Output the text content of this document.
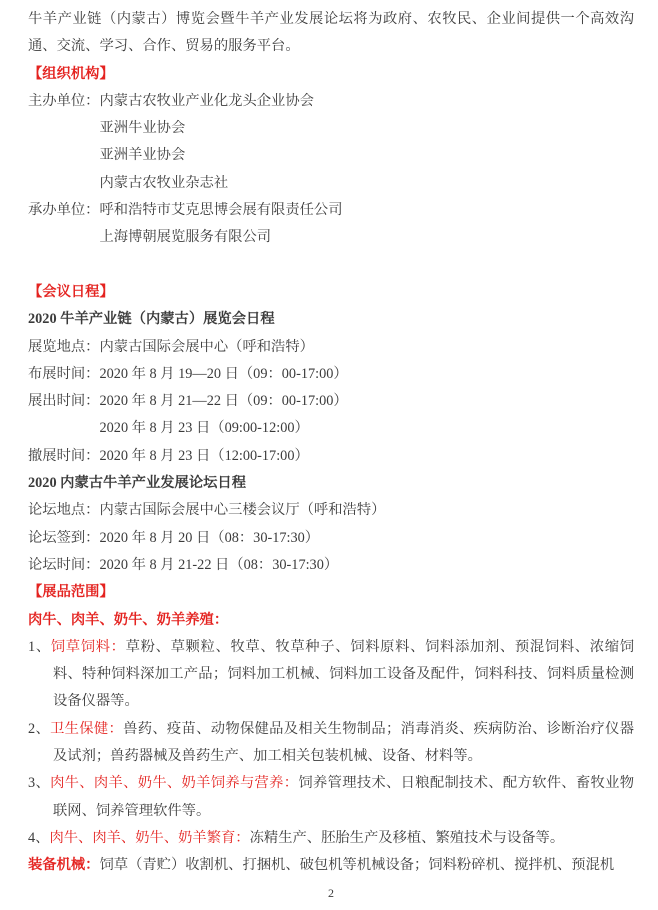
牛羊产业链（内蒙古）博览会暨牛羊产业发展论坛将为政府、农牧民、企业间提供一个高效沟通、交流、学习、合作、贸易的服务平台。

【组织机构】

主办单位：内蒙古农牧业产业化龙头企业协会

亚洲牛业协会

亚洲羊业协会

内蒙古农牧业杂志社

承办单位：呼和浩特市艾克思博会展有限责任公司

上海博朝展览服务有限公司

【会议日程】

2020 牛羊产业链（内蒙古）展览会日程

展览地点：内蒙古国际会展中心（呼和浩特）

布展时间：2020 年 8 月 19—20 日（09：00-17:00）

展出时间：2020 年 8 月 21—22 日（09：00-17:00）

2020 年 8 月 23 日（09:00-12:00）

撤展时间：2020 年 8 月 23 日（12:00-17:00）

2020 内蒙古牛羊产业发展论坛日程

论坛地点：内蒙古国际会展中心三楼会议厅（呼和浩特）

论坛签到：2020 年 8 月 20 日（08：30-17:30）

论坛时间：2020 年 8 月 21-22 日（08：30-17:30）

【展品范围】

肉牛、肉羊、奶牛、奶羊养殖：

1、饲草饲料：草粉、草颗粒、牧草、牧草种子、饲料原料、饲料添加剂、预混饲料、浓缩饲料、特种饲料深加工产品；饲料加工机械、饲料加工设备及配件，饲料科技、饲料质量检测设备仪器等。

2、卫生保健：兽药、疫苗、动物保健品及相关生物制品；消毒消炎、疾病防治、诊断治疗仪器及试剂；兽药器械及兽药生产、加工相关包装机械、设备、材料等。

3、肉牛、肉羊、奶牛、奶羊饲养与营养：饲养管理技术、日粮配制技术、配方软件、畜牧业物联网、饲养管理软件等。

4、肉牛、肉羊、奶牛、奶羊繁育：冻精生产、胚胎生产及移植、繁殖技术与设备等。

装备机械：饲草（青贮）收割机、打捆机、破包机等机械设备；饲料粉碎机、搅拌机、预混机

2
